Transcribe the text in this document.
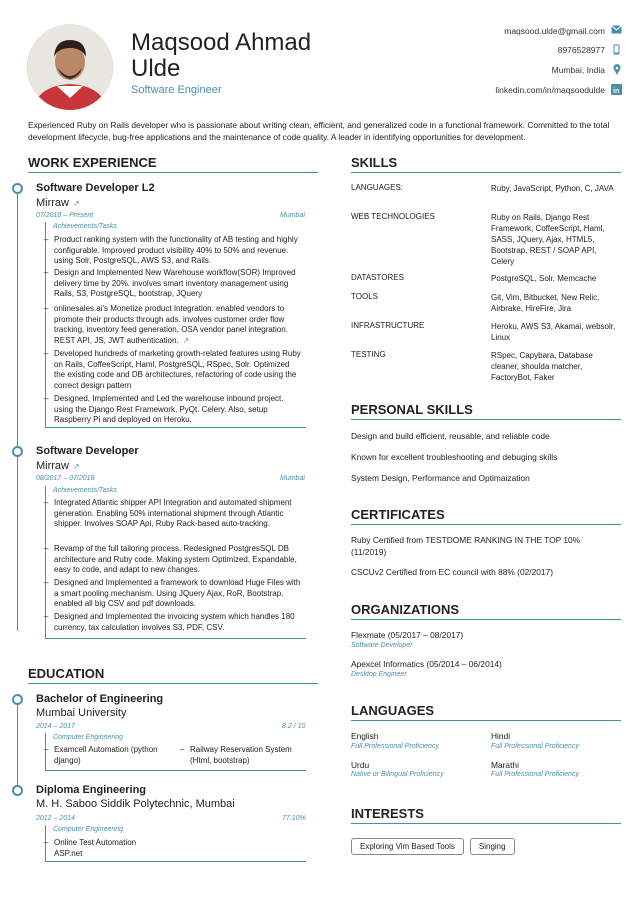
Maqsood Ahmad
Ulde
Software Engineer
maqsood.ulde@gmail.com
8976528977
Mumbai, India
linkedin.com/in/maqsoodulde in
Experienced Ruby on Rails developer who is passionate about writing clean, efficient, and generalized code in a functional framework. Committed to the total development lifecycle, bug-free applications and the maintenance of code quality. A leader in identifying opportunities for development.
WORK EXPERIENCE
Software Developer L2
Mirraw ↗
07/2018 – Present	Mumbai
Achievements/Tasks
– Product ranking system with the functionality of AB testing and highly configurable. Improved product visibility 40% to 50% and revenue. using Solr, PostgreSQL, AWS S3, and Rails.
– Design and Implemented New Warehouse workflow(SOR) Improved delivery time by 20%. involves smart inventory management using Rails, S3, PostgreSQL, bootstrap, JQuery
– onlinesales.ai's Monetize product Integration. enabled vendors to promote their products through ads. involves customer order flow tracking, inventory feed generation, OSA vendor panel integration. REST API, JS, JWT authentication. ↗
– Developed hundreds of marketing growth-related features using Ruby on Rails, CoffeeScript, Haml, PostgreSQL, RSpec, Solr. Optimized the existing code and DB architectures, refactoring of code using the correct design pattern
– Designed, Implemented and Led the warehouse inbound project. using the Django Rest Framework, PyQt. Celery. Also, setup Raspberry Pi and deployed on Heroku.
Software Developer
Mirraw ↗
08/2017 – 07/2018	Mumbai
Achievements/Tasks
– Integrated Atlantic shipper API Integration and automated shipment generation. Enabling 50% international shipment through Atlantic shipper. Involves SOAP Api, Ruby Rack-based auto-tracking.
– Revamp of the full tailoring process. Redesigned PostgresSQL DB architecture and Ruby code. Making system Optimized, Expandable, easy to code, and adapt to new changes.
– Designed and Implemented a framework to download Huge Files with a smart pooling mechanism. Using JQuery Ajax, RoR, Bootstrap. enabled all big CSV and pdf downloads.
– Designed and Implemented the invoicing system which handles 180 currency, tax calculation involves S3, PDF, CSV.
EDUCATION
Bachelor of Engineering
Mumbai University
2014 – 2017	8.2 / 10
Computer Enginnering
– Examcell Automation (python django)
– Railway Reservation System (Html, bootstrap)
Diploma Engineering
M. H. Saboo Siddik Polytechnic, Mumbai
2012 – 2014	77.10%
Computer Engineering
– Online Test Automation ASP.net
SKILLS
LANGUAGES:	Ruby, JavaScript, Python, C, JAVA
WEB TECHNOLOGIES	Ruby on Rails, Django Rest Framework, CoffeeScript, Haml, SASS, JQuery, Ajax, HTML5, Bootstrap, REST / SOAP API, Celery
DATASTORES	PostgreSQL, Solr, Memcache
TOOLS	Git, Vim, Bitbucket, New Relic, Airbrake, HireFire, Jira
INFRASTRUCTURE	Heroku, AWS S3, Akamai, websolr, Linux
TESTING	RSpec, Capybara, Database cleaner, shoulda matcher, FactoryBot, Faker
PERSONAL SKILLS
Design and build efficient, reusable, and reliable code
Known for excellent troubleshooting and debuging skills
System Design, Performance and Optimaization
CERTIFICATES
Ruby Certified from TESTDOME RANKING IN THE TOP 10% (11/2019)
CSCUv2 Certified from EC council with 88% (02/2017)
ORGANIZATIONS
Flexmate (05/2017 – 08/2017)
Software Developer
Apexcel Informatics (05/2014 – 06/2014)
Desktop Engineer
LANGUAGES
English
Full Professional Proficiency
Hindi
Full Professional Proficiency
Urdu
Native or Bilingual Proficiency
Marathi
Full Professional Proficiency
INTERESTS
Exploring Vim Based Tools	Singing
